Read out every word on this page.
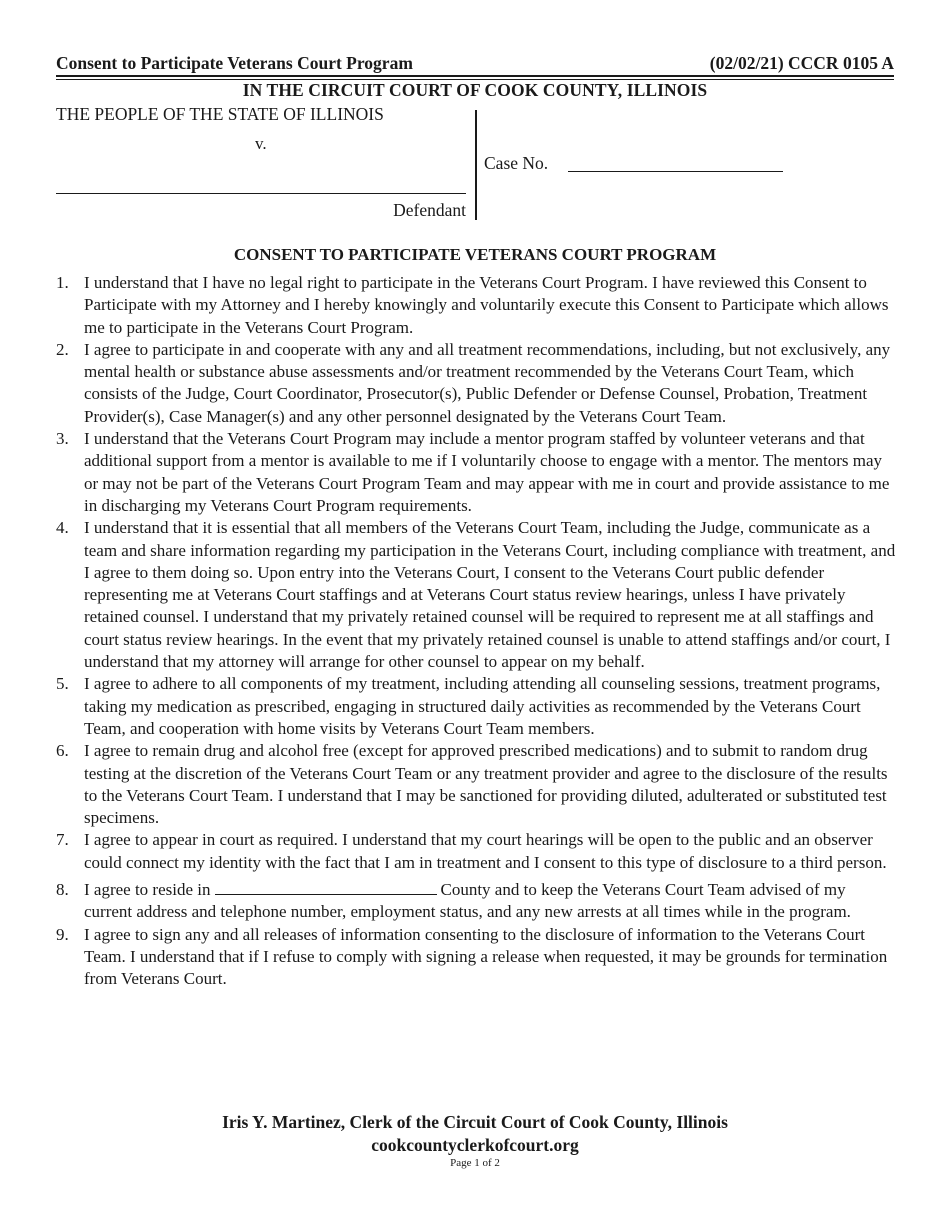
Consent to Participate Veterans Court Program	(02/02/21) CCCR 0105 A
IN THE CIRCUIT COURT OF COOK COUNTY, ILLINOIS
THE PEOPLE OF THE STATE OF ILLINOIS
v.
Defendant
Case No.
CONSENT TO PARTICIPATE VETERANS COURT PROGRAM
1. I understand that I have no legal right to participate in the Veterans Court Program. I have reviewed this Consent to Participate with my Attorney and I hereby knowingly and voluntarily execute this Consent to Participate which allows me to participate in the Veterans Court Program.
2. I agree to participate in and cooperate with any and all treatment recommendations, including, but not exclusively, any mental health or substance abuse assessments and/or treatment recommended by the Veterans Court Team, which consists of the Judge, Court Coordinator, Prosecutor(s), Public Defender or Defense Counsel, Probation, Treatment Provider(s), Case Manager(s) and any other personnel designated by the Veterans Court Team.
3. I understand that the Veterans Court Program may include a mentor program staffed by volunteer veterans and that additional support from a mentor is available to me if I voluntarily choose to engage with a mentor. The mentors may or may not be part of the Veterans Court Program Team and may appear with me in court and provide assistance to me in discharging my Veterans Court Program requirements.
4. I understand that it is essential that all members of the Veterans Court Team, including the Judge, communicate as a team and share information regarding my participation in the Veterans Court, including compliance with treatment, and I agree to them doing so. Upon entry into the Veterans Court, I consent to the Veterans Court public defender representing me at Veterans Court staffings and at Veterans Court status review hearings, unless I have privately retained counsel. I understand that my privately retained counsel will be required to represent me at all staffings and court status review hearings. In the event that my privately retained counsel is unable to attend staffings and/or court, I understand that my attorney will arrange for other counsel to appear on my behalf.
5. I agree to adhere to all components of my treatment, including attending all counseling sessions, treatment programs, taking my medication as prescribed, engaging in structured daily activities as recommended by the Veterans Court Team, and cooperation with home visits by Veterans Court Team members.
6. I agree to remain drug and alcohol free (except for approved prescribed medications) and to submit to random drug testing at the discretion of the Veterans Court Team or any treatment provider and agree to the disclosure of the results to the Veterans Court Team. I understand that I may be sanctioned for providing diluted, adulterated or substituted test specimens.
7. I agree to appear in court as required. I understand that my court hearings will be open to the public and an observer could connect my identity with the fact that I am in treatment and I consent to this type of disclosure to a third person.
8. I agree to reside in	County and to keep the Veterans Court Team advised of my current address and telephone number, employment status, and any new arrests at all times while in the program.
9. I agree to sign any and all releases of information consenting to the disclosure of information to the Veterans Court Team. I understand that if I refuse to comply with signing a release when requested, it may be grounds for termination from Veterans Court.
Iris Y. Martinez, Clerk of the Circuit Court of Cook County, Illinois
cookcountyclerkofcourt.org
Page 1 of 2
